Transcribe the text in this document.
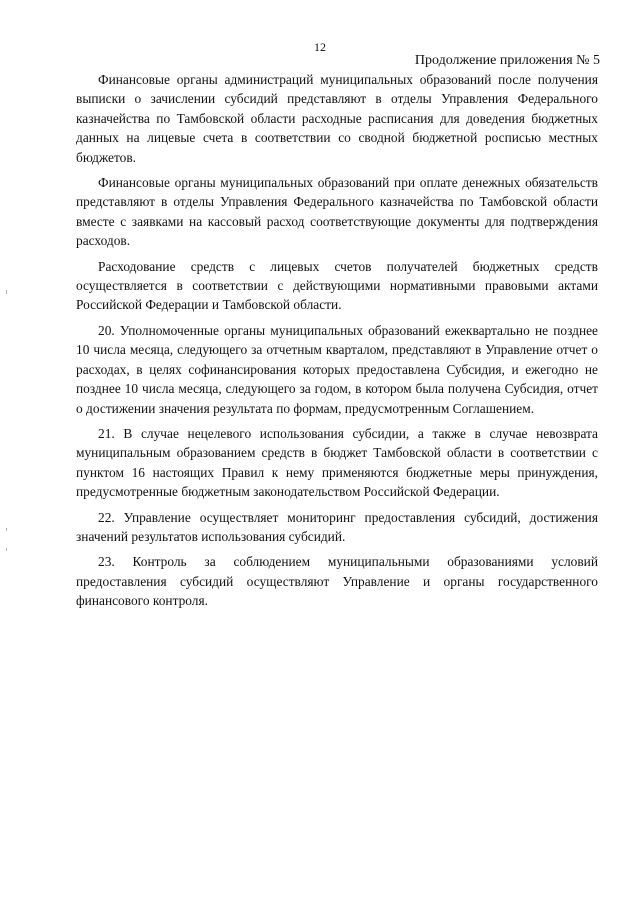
12
Продолжение приложения № 5

Финансовые органы администраций муниципальных образований после получения выписки о зачислении субсидий представляют в отделы Управления Федерального казначейства по Тамбовской области расходные расписания для доведения бюджетных данных на лицевые счета в соответствии со сводной бюджетной росписью местных бюджетов.

Финансовые органы муниципальных образований при оплате денежных обязательств представляют в отделы Управления Федерального казначейства по Тамбовской области вместе с заявками на кассовый расход соответствующие документы для подтверждения расходов.

Расходование средств с лицевых счетов получателей бюджетных средств осуществляется в соответствии с действующими нормативными правовыми актами Российской Федерации и Тамбовской области.

20. Уполномоченные органы муниципальных образований ежеквартально не позднее 10 числа месяца, следующего за отчетным кварталом, представляют в Управление отчет о расходах, в целях софинансирования которых предоставлена Субсидия, и ежегодно не позднее 10 числа месяца, следующего за годом, в котором была получена Субсидия, отчет о достижении значения результата по формам, предусмотренным Соглашением.

21. В случае нецелевого использования субсидии, а также в случае невозврата муниципальным образованием средств в бюджет Тамбовской области в соответствии с пунктом 16 настоящих Правил к нему применяются бюджетные меры принуждения, предусмотренные бюджетным законодательством Российской Федерации.

22. Управление осуществляет мониторинг предоставления субсидий, достижения значений результатов использования субсидий.

23. Контроль за соблюдением муниципальными образованиями условий предоставления субсидий осуществляют Управление и органы государственного финансового контроля.
